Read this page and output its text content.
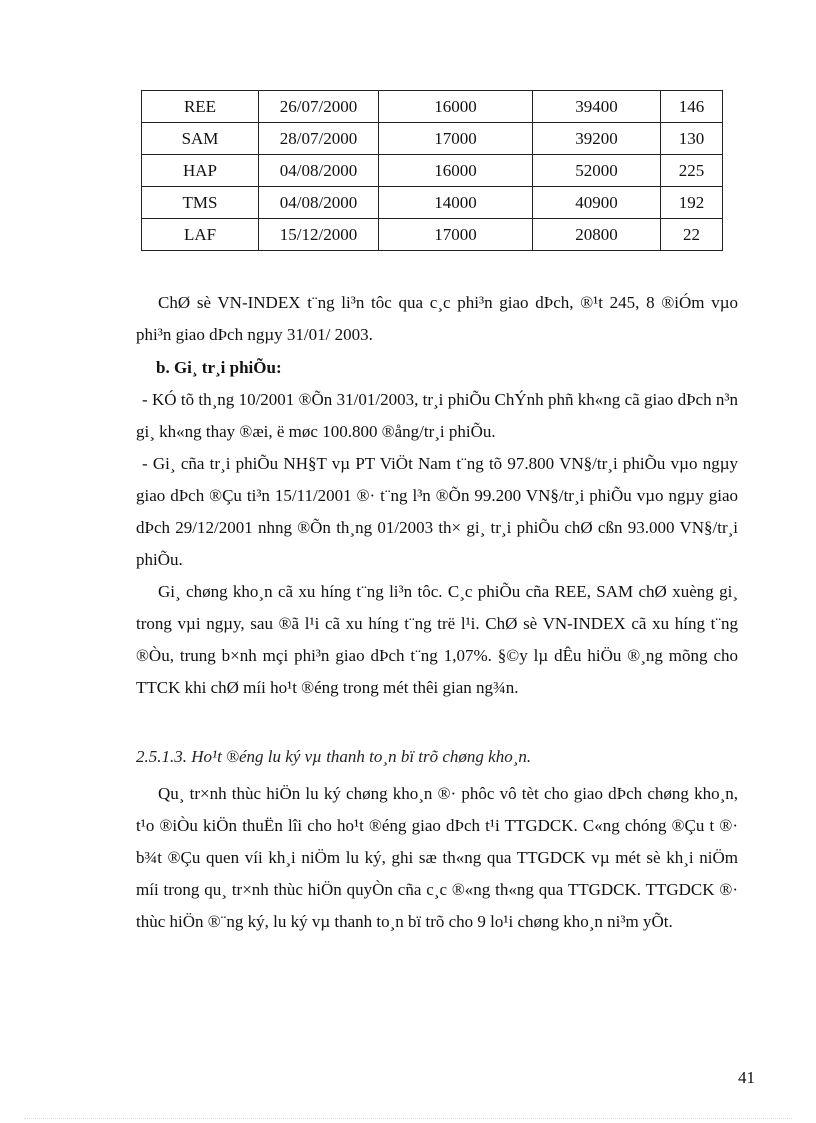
REE	26/07/2000	16000	39400	146
SAM	28/07/2000	17000	39200	130
HAP	04/08/2000	16000	52000	225
TMS	04/08/2000	14000	40900	192
LAF	15/12/2000	17000	20800	22

ChØ sè VN-INDEX t¨ng li³n tôc qua c¸c phi³n giao dÞch, ®¹t 245, 8 ®iÓm vµo phi³n giao dÞch ngµy 31/01/ 2003.

b. Gi¸ tr¸i phiÕu:

- KÓ tõ th¸ng 10/2001 ®Õn 31/01/2003, tr¸i phiÕu ChÝnh phñ kh«ng cã giao dÞch n³n gi¸ kh«ng thay ®æi, ë møc 100.800 ®ång/tr¸i phiÕu.

- Gi¸ cña tr¸i phiÕu NH§T vµ PT ViÖt Nam t¨ng tõ 97.800 VN§/tr¸i phiÕu vµo ngµy giao dÞch ®Çu ti³n 15/11/2001 ®· t¨ng l³n ®Õn 99.200 VN§/tr¸i phiÕu vµo ngµy giao dÞch 29/12/2001 nhng ®Õn th¸ng 01/2003 th× gi¸ tr¸i phiÕu chØ cßn 93.000 VN§/tr¸i phiÕu.

Gi¸ chøng kho¸n cã xu híng t¨ng li³n tôc. C¸c phiÕu cña REE, SAM chØ xuèng gi¸ trong vµi ngµy, sau ®ã l¹i cã xu híng t¨ng trë l¹i. ChØ sè VN-INDEX cã xu híng t¨ng ®Òu, trung b×nh mçi phi³n giao dÞch t¨ng 1,07%. §©y lµ dÊu hiÖu ®¸ng mõng cho TTCK khi chØ míi ho¹t ®éng trong mét thêi gian ng¾n.

2.5.1.3. Ho¹t ®éng lu ký vµ thanh to¸n bï trõ chøng kho¸n.

Qu¸ tr×nh thùc hiÖn lu ký chøng kho¸n ®· phôc vô tèt cho giao dÞch chøng kho¸n, t¹o ®iÒu kiÖn thuËn lîi cho ho¹t ®éng giao dÞch t¹i TTGDCK. C«ng chóng ®Çu t ®· b¾t ®Çu quen víi kh¸i niÖm lu ký, ghi sæ th«ng qua TTGDCK vµ mét sè kh¸i niÖm míi trong qu¸ tr×nh thùc hiÖn quyÒn cña c¸c ®«ng th«ng qua TTGDCK. TTGDCK ®· thùc hiÖn ®¨ng ký, lu ký vµ thanh to¸n bï trõ cho 9 lo¹i chøng kho¸n ni³m yÕt.

41
